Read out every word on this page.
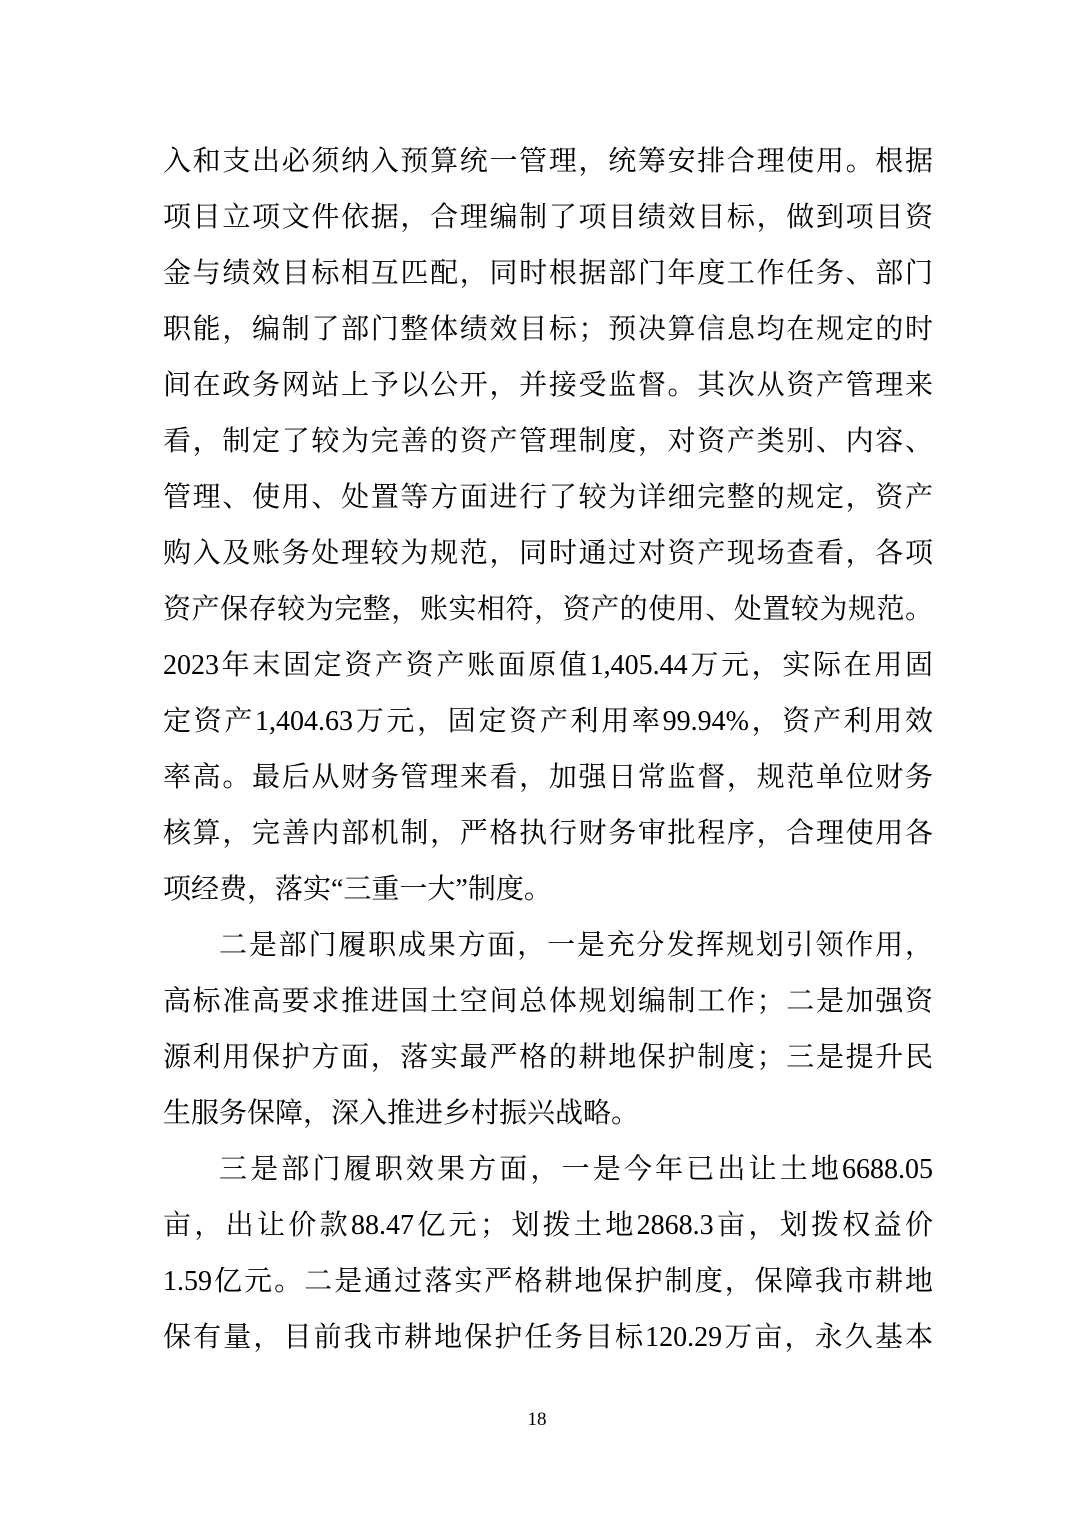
入和支出必须纳入预算统一管理，统筹安排合理使用。根据
项目立项文件依据，合理编制了项目绩效目标，做到项目资
金与绩效目标相互匹配，同时根据部门年度工作任务、部门
职能，编制了部门整体绩效目标；预决算信息均在规定的时
间在政务网站上予以公开，并接受监督。其次从资产管理来
看，制定了较为完善的资产管理制度，对资产类别、内容、
管理、使用、处置等方面进行了较为详细完整的规定，资产
购入及账务处理较为规范，同时通过对资产现场查看，各项
资产保存较为完整，账实相符，资产的使用、处置较为规范。
2023年末固定资产资产账面原值1,405.44万元，实际在用固
定资产1,404.63万元，固定资产利用率99.94%，资产利用效
率高。最后从财务管理来看，加强日常监督，规范单位财务
核算，完善内部机制，严格执行财务审批程序，合理使用各
项经费，落实“三重一大”制度。
二是部门履职成果方面，一是充分发挥规划引领作用，
高标准高要求推进国土空间总体规划编制工作；二是加强资
源利用保护方面，落实最严格的耕地保护制度；三是提升民
生服务保障，深入推进乡村振兴战略。
三是部门履职效果方面，一是今年已出让土地6688.05
亩，出让价款88.47亿元；划拨土地2868.3亩，划拨权益价
1.59亿元。二是通过落实严格耕地保护制度，保障我市耕地
保有量，目前我市耕地保护任务目标120.29万亩，永久基本
18
